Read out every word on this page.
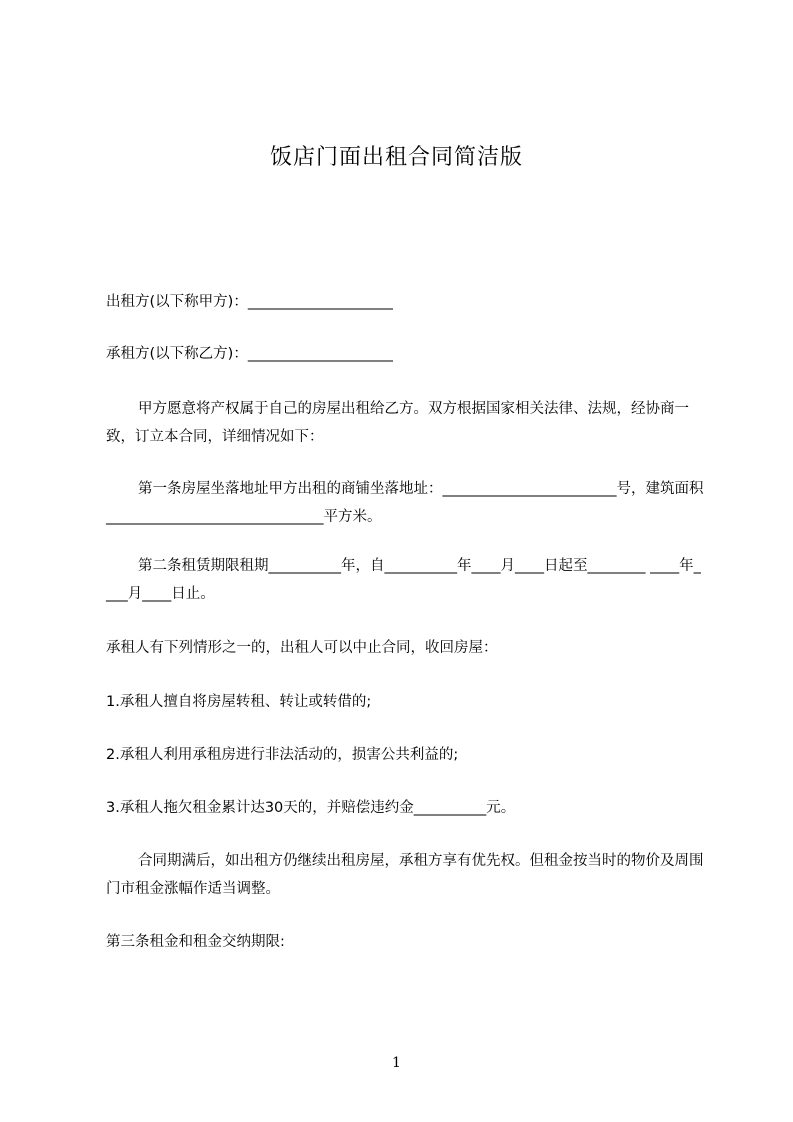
饭店门面出租合同简洁版
出租方(以下称甲方)：____________________
承租方(以下称乙方)：____________________
甲方愿意将产权属于自己的房屋出租给乙方。双方根据国家相关法律、法规，经协商一致，订立本合同，详细情况如下：
第一条房屋坐落地址甲方出租的商铺坐落地址：________________________号，建筑面积______________________________平方米。
第二条租赁期限租期__________年，自__________年____月____日起至________ ____年____月____日止。
承租人有下列情形之一的，出租人可以中止合同，收回房屋：
1.承租人擅自将房屋转租、转让或转借的;
2.承租人利用承租房进行非法活动的，损害公共利益的;
3.承租人拖欠租金累计达30天的，并赔偿违约金__________元。
合同期满后，如出租方仍继续出租房屋，承租方享有优先权。但租金按当时的物价及周围门市租金涨幅作适当调整。
第三条租金和租金交纳期限:
1
